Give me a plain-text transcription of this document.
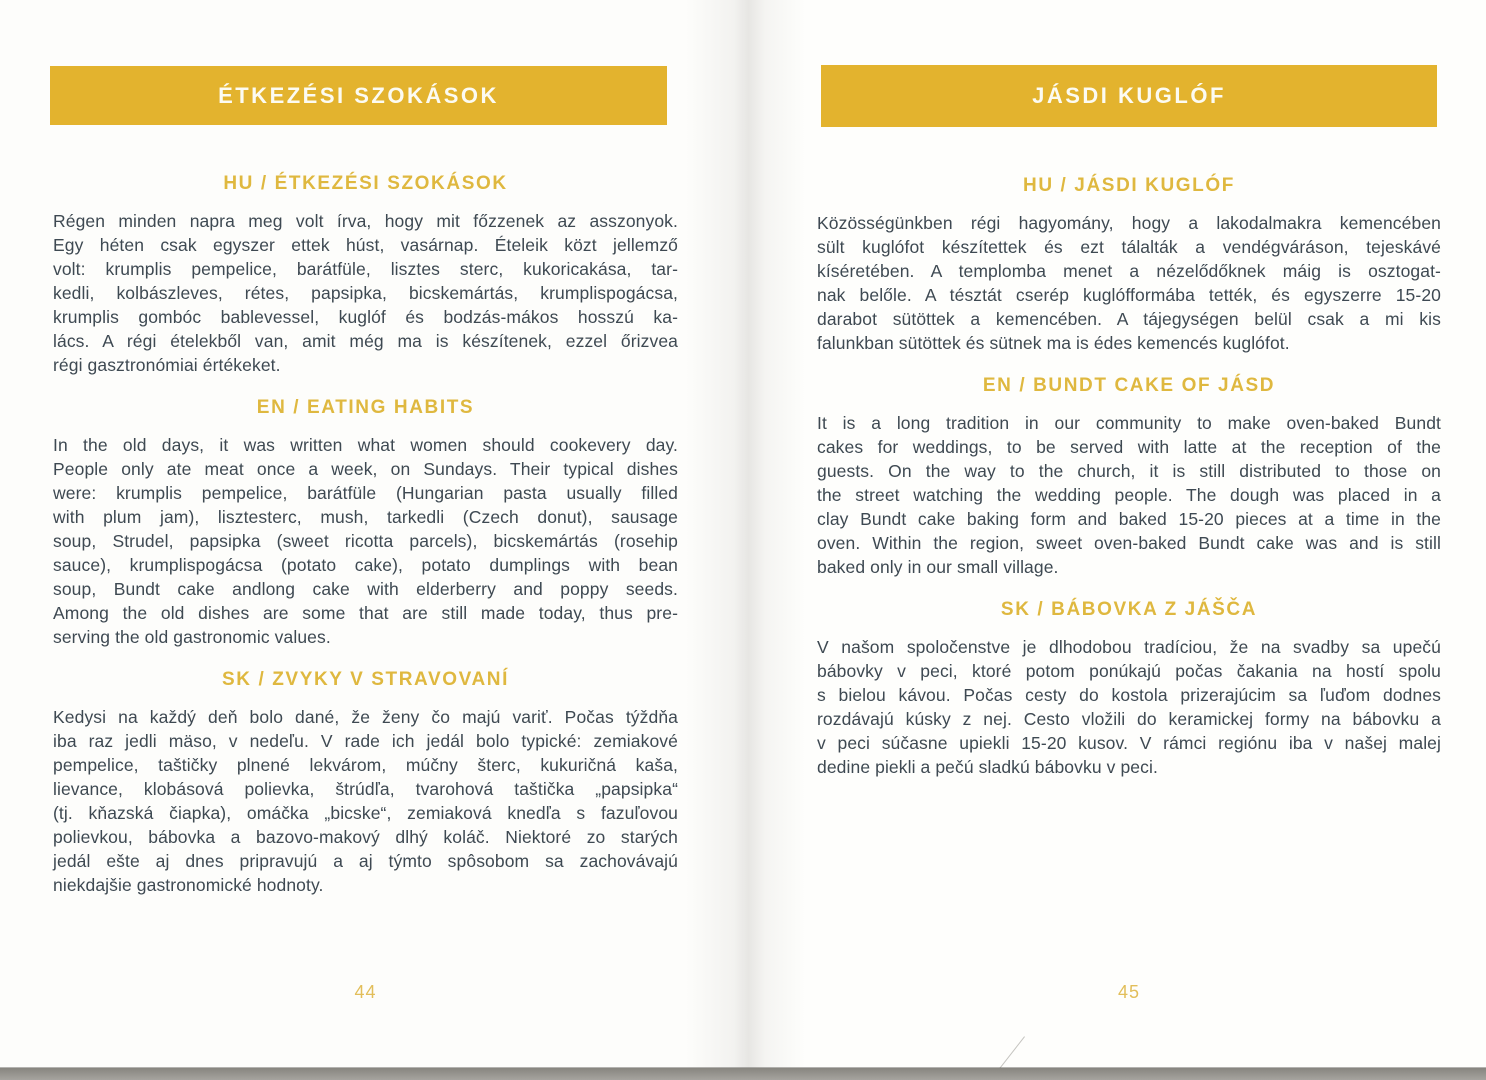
ÉTKEZÉSI SZOKÁSOK
HU / ÉTKEZÉSI SZOKÁSOK
Régen minden napra meg volt írva, hogy mit főzzenek az asszonyok.
Egy héten csak egyszer ettek húst, vasárnap. Ételeik közt jellemző
volt: krumplis pempelice, barátfüle, lisztes sterc, kukoricakása, tar-
kedli, kolbászleves, rétes, papsipka, bicskemártás, krumplispogácsa,
krumplis gombóc bablevessel, kuglóf és bodzás-mákos hosszú ka-
lács. A régi ételekből van, amit még ma is készítenek, ezzel őrizvea
régi gasztronómiai értékeket.
EN / EATING HABITS
In the old days, it was written what women should cookevery day.
People only ate meat once a week, on Sundays. Their typical dishes
were: krumplis pempelice, barátfüle (Hungarian pasta usually filled
with plum jam), lisztesterc, mush, tarkedli (Czech donut), sausage
soup, Strudel, papsipka (sweet ricotta parcels), bicskemártás (rosehip
sauce), krumplispogácsa (potato cake), potato dumplings with bean
soup, Bundt cake andlong cake with elderberry and poppy seeds.
Among the old dishes are some that are still made today, thus pre-
serving the old gastronomic values.
SK / ZVYKY V STRAVOVANÍ
Kedysi na každý deň bolo dané, že ženy čo majú variť. Počas týždňa
iba raz jedli mäso, v nedeľu. V rade ich jedál bolo typické: zemiakové
pempelice, taštičky plnené lekvárom, múčny šterc, kukuričná kaša,
lievance, klobásová polievka, štrúdľa, tvarohová taštička „papsipka“
(tj. kňazská čiapka), omáčka „bicske“, zemiaková knedľa s fazuľovou
polievkou, bábovka a bazovo-makový dlhý koláč. Niektoré zo starých
jedál ešte aj dnes pripravujú a aj týmto spôsobom sa zachovávajú
niekdajšie gastronomické hodnoty.
44
JÁSDI KUGLÓF
HU / JÁSDI KUGLÓF
Közösségünkben régi hagyomány, hogy a lakodalmakra kemencében
sült kuglófot készítettek és ezt tálalták a vendégváráson, tejeskávé
kíséretében. A templomba menet a nézelődőknek máig is osztogat-
nak belőle. A tésztát cserép kuglófformába tették, és egyszerre 15-20
darabot sütöttek a kemencében. A tájegységen belül csak a mi kis
falunkban sütöttek és sütnek ma is édes kemencés kuglófot.
EN / BUNDT CAKE OF JÁSD
It is a long tradition in our community to make oven-baked Bundt
cakes for weddings, to be served with latte at the reception of the
guests. On the way to the church, it is still distributed to those on
the street watching the wedding people. The dough was placed in a
clay Bundt cake baking form and baked 15-20 pieces at a time in the
oven. Within the region, sweet oven-baked Bundt cake was and is still
baked only in our small village.
SK / BÁBOVKA Z JÁŠČA
V našom spoločenstve je dlhodobou tradíciou, že na svadby sa upečú
bábovky v peci, ktoré potom ponúkajú počas čakania na hostí spolu
s bielou kávou. Počas cesty do kostola prizerajúcim sa ľuďom dodnes
rozdávajú kúsky z nej. Cesto vložili do keramickej formy na bábovku a
v peci súčasne upiekli 15-20 kusov. V rámci regiónu iba v našej malej
dedine piekli a pečú sladkú bábovku v peci.
45
